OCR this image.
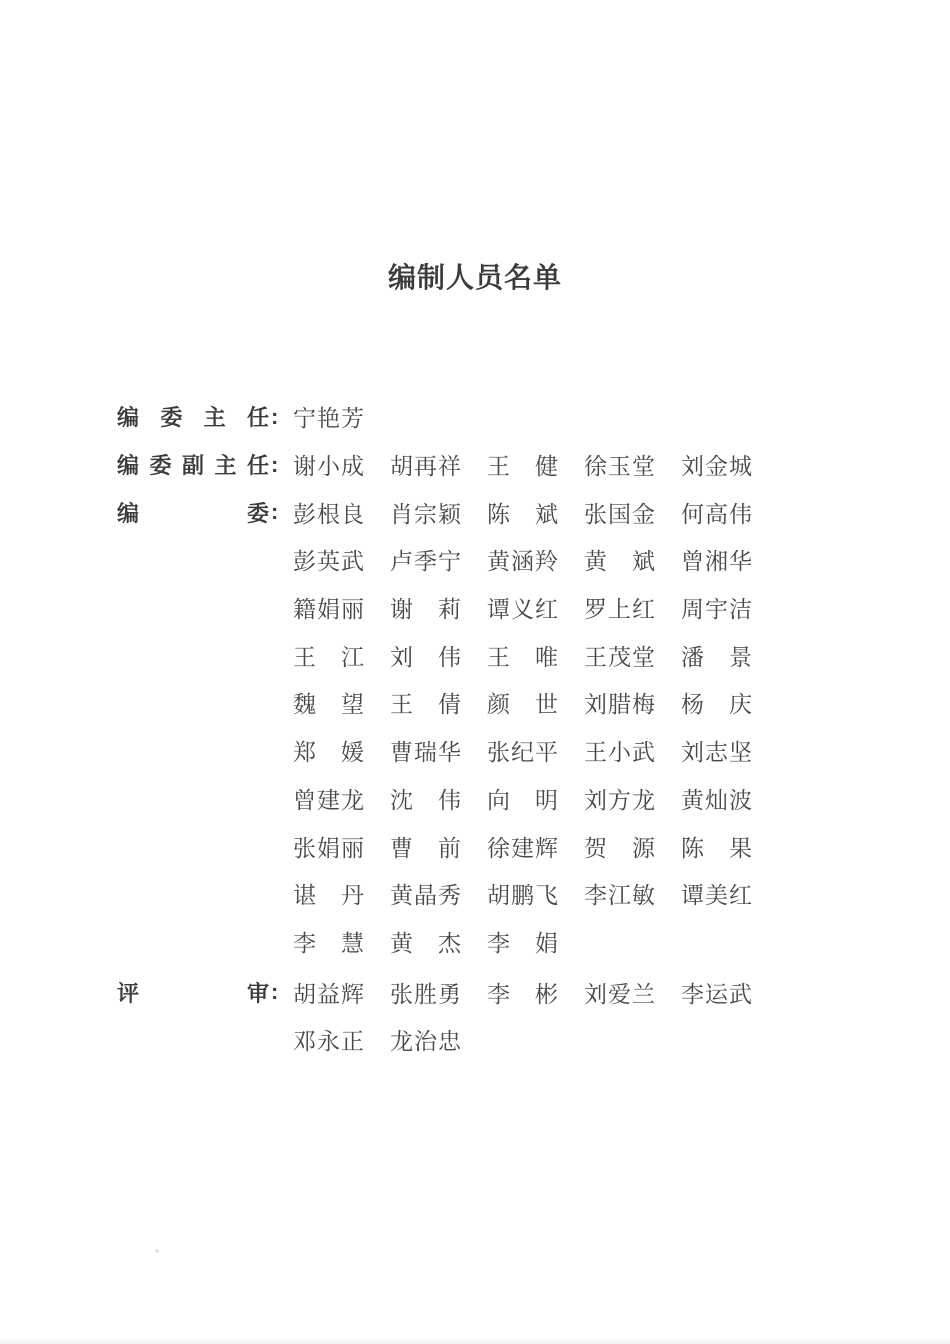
编制人员名单
编 委 主 任 : 宁 艳 芳
编 委 副 主 任 : 谢 小 成 胡 再 祥 王 健 徐 玉 堂 刘 金 城
编	委 : 彭 根 良 肖 宗 颖 陈 斌 张 国 金 何 高 伟
彭 英 武 卢 季 宁 黄 涵 羚 黄 斌 曾 湘 华
籍 娟 丽 谢 莉 谭 义 红 罗 上 红 周 宇 洁
王 江 刘 伟 王 唯 王 茂 堂 潘 景
魏 望 王 倩 颜 世 刘 腊 梅 杨 庆
郑 媛 曹 瑞 华 张 纪 平 王 小 武 刘 志 坚
曾 建 龙 沈 伟 向 明 刘 方 龙 黄 灿 波
张 娟 丽 曹 前 徐 建 辉 贺 源 陈 果
谌 丹 黄 晶 秀 胡 鹏 飞 李 江 敏 谭 美 红
李 慧 黄 杰 李 娟
评	审 : 胡 益 辉 张 胜 勇 李 彬 刘 爱 兰 李 运 武
邓 永 正 龙 治 忠
